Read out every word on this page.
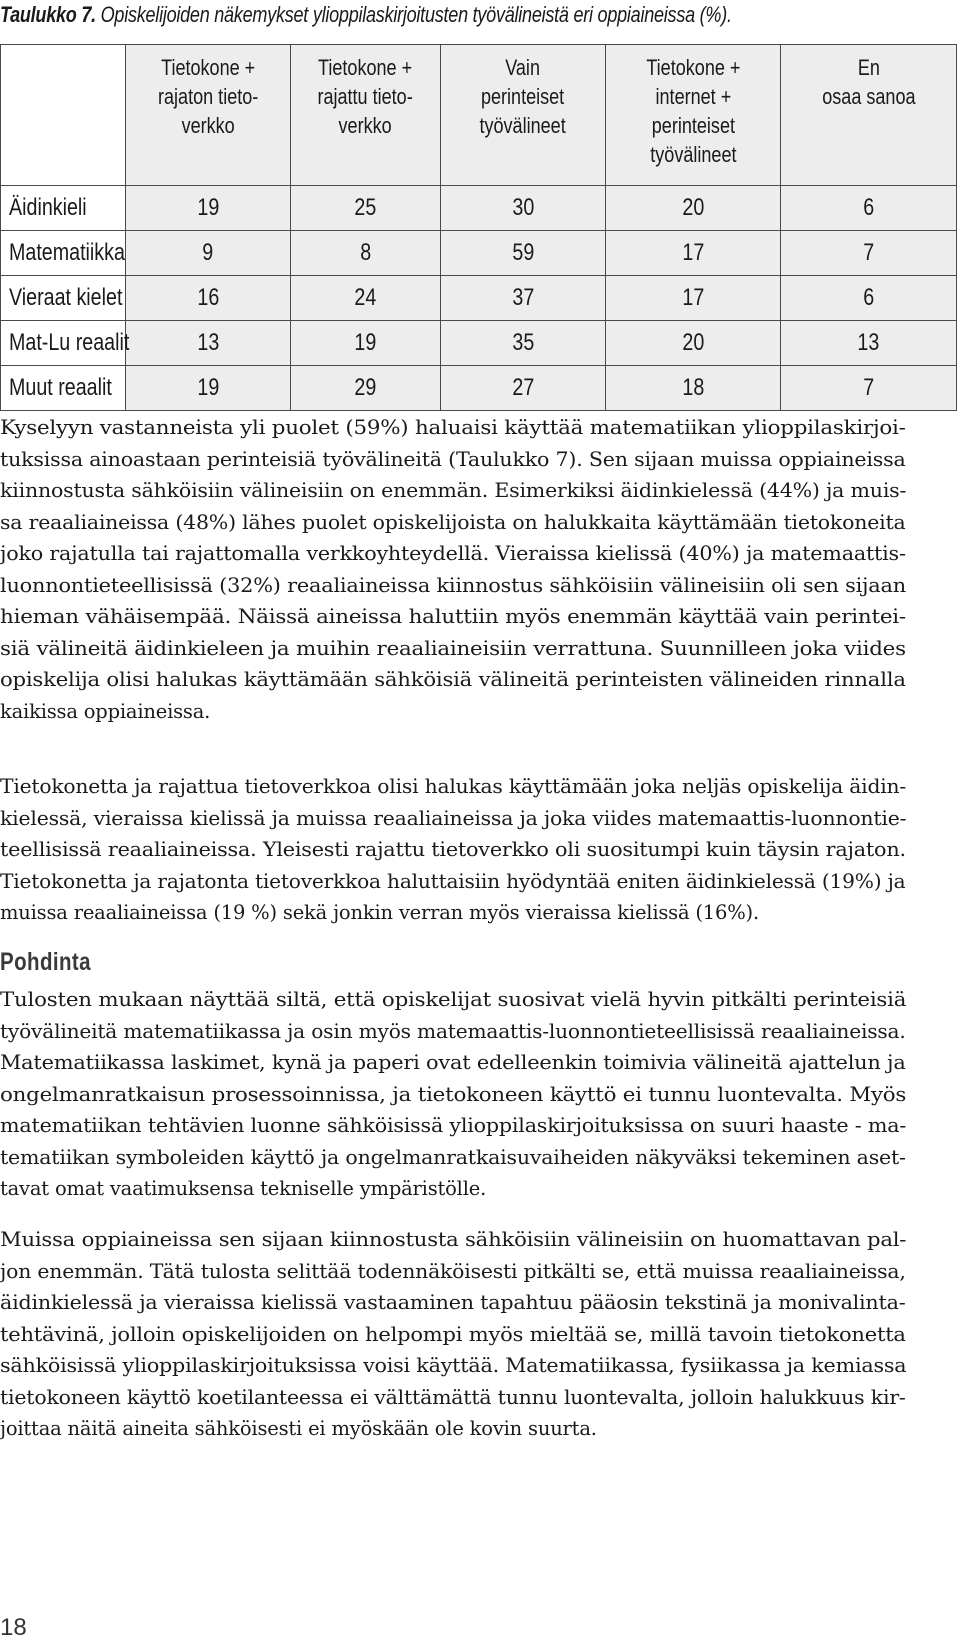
Taulukko 7. Opiskelijoiden näkemykset ylioppilaskirjoitusten työvälineistä eri oppiaineissa (%).

	Tietokone +
rajaton tieto-
verkko	Tietokone +
rajattu tieto-
verkko	Vain
perinteiset
työvälineet	Tietokone +
internet +
perinteiset
työvälineet	En
osaa sanoa

Äidinkieli	19	25	30	20	6
Matematiikka	9	8	59	17	7
Vieraat kielet	16	24	37	17	6
Mat-Lu reaalit	13	19	35	20	13
Muut reaalit	19	29	27	18	7
Kyselyyn vastanneista yli puolet (59%) haluaisi käyttää matematiikan ylioppilaskirjoi-
tuksissa ainoastaan perinteisiä työvälineitä (Taulukko 7). Sen sijaan muissa oppiaineissa
kiinnostusta sähköisiin välineisiin on enemmän. Esimerkiksi äidinkielessä (44%) ja muis-
sa reaaliaineissa (48%) lähes puolet opiskelijoista on halukkaita käyttämään tietokoneita
joko rajatulla tai rajattomalla verkkoyhteydellä. Vieraissa kielissä (40%) ja matemaattis-
luonnontieteellisissä (32%) reaaliaineissa kiinnostus sähköisiin välineisiin oli sen sijaan
hieman vähäisempää. Näissä aineissa haluttiin myös enemmän käyttää vain perintei-
siä välineitä äidinkieleen ja muihin reaaliaineisiin verrattuna. Suunnilleen joka viides
opiskelija olisi halukas käyttämään sähköisiä välineitä perinteisten välineiden rinnalla
kaikissa oppiaineissa.
Tietokonetta ja rajattua tietoverkkoa olisi halukas käyttämään joka neljäs opiskelija äidin-
kielessä, vieraissa kielissä ja muissa reaaliaineissa ja joka viides matemaattis-luonnontie-
teellisissä reaaliaineissa. Yleisesti rajattu tietoverkko oli suositumpi kuin täysin rajaton.
Tietokonetta ja rajatonta tietoverkkoa haluttaisiin hyödyntää eniten äidinkielessä (19%) ja
muissa reaaliaineissa (19 %) sekä jonkin verran myös vieraissa kielissä (16%).
Pohdinta
Tulosten mukaan näyttää siltä, että opiskelijat suosivat vielä hyvin pitkälti perinteisiä
työvälineitä matematiikassa ja osin myös matemaattis-luonnontieteellisissä reaaliaineissa.
Matematiikassa laskimet, kynä ja paperi ovat edelleenkin toimivia välineitä ajattelun ja
ongelmanratkaisun prosessoinnissa, ja tietokoneen käyttö ei tunnu luontevalta. Myös
matematiikan tehtävien luonne sähköisissä ylioppilaskirjoituksissa on suuri haaste - ma-
tematiikan symboleiden käyttö ja ongelmanratkaisuvaiheiden näkyväksi tekeminen aset-
tavat omat vaatimuksensa tekniselle ympäristölle.
Muissa oppiaineissa sen sijaan kiinnostusta sähköisiin välineisiin on huomattavan pal-
jon enemmän. Tätä tulosta selittää todennäköisesti pitkälti se, että muissa reaaliaineissa,
äidinkielessä ja vieraissa kielissä vastaaminen tapahtuu pääosin tekstinä ja monivalinta-
tehtävinä, jolloin opiskelijoiden on helpompi myös mieltää se, millä tavoin tietokonetta
sähköisissä ylioppilaskirjoituksissa voisi käyttää. Matematiikassa, fysiikassa ja kemiassa
tietokoneen käyttö koetilanteessa ei välttämättä tunnu luontevalta, jolloin halukkuus kir-
joittaa näitä aineita sähköisesti ei myöskään ole kovin suurta.
18
